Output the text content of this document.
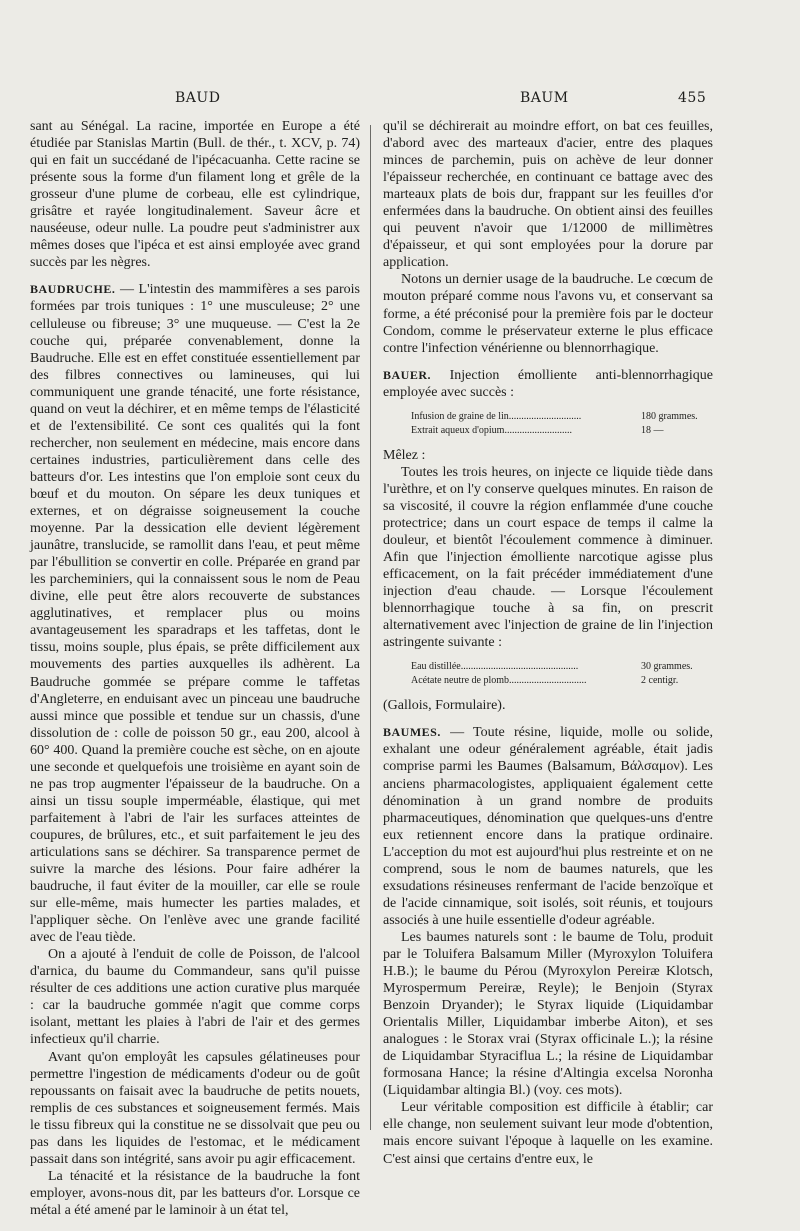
BAUD	BAUM	455

sant au Sénégal. La racine, importée en Europe a été étudiée par Stanislas Martin (Bull. de thér., t. XCV, p. 74) qui en fait un succédané de l'ipécacuanha. Cette racine se présente sous la forme d'un filament long et grêle de la grosseur d'une plume de corbeau, elle est cylindrique, grisâtre et rayée longitudinalement. Saveur âcre et nauséeuse, odeur nulle. La poudre peut s'administrer aux mêmes doses que l'ipéca et est ainsi employée avec grand succès par les nègres.

BAUDRUCHE. — L'intestin des mammifères a ses parois formées par trois tuniques : 1° une musculeuse; 2° une celluleuse ou fibreuse; 3° une muqueuse. — C'est la 2e couche qui, préparée convenablement, donne la Baudruche. Elle est en effet constituée essentiellement par des filbres connectives ou lamineuses, qui lui communiquent une grande ténacité, une forte résistance, quand on veut la déchirer, et en même temps de l'élasticité et de l'extensibilité. Ce sont ces qualités qui la font rechercher, non seulement en médecine, mais encore dans certaines industries, particulièrement dans celle des batteurs d'or. Les intestins que l'on emploie sont ceux du bœuf et du mouton. On sépare les deux tuniques et externes, et on dégraisse soigneusement la couche moyenne. Par la dessication elle devient légèrement jaunâtre, translucide, se ramollit dans l'eau, et peut même par l'ébullition se convertir en colle. Préparée en grand par les parcheminiers, qui la connaissent sous le nom de Peau divine, elle peut être alors recouverte de substances agglutinatives, et remplacer plus ou moins avantageusement les sparadraps et les taffetas, dont le tissu, moins souple, plus épais, se prête difficilement aux mouvements des parties auxquelles ils adhèrent. La Baudruche gommée se prépare comme le taffetas d'Angleterre, en enduisant avec un pinceau une baudruche aussi mince que possible et tendue sur un chassis, d'une dissolution de : colle de poisson 50 gr., eau 200, alcool à 60° 400. Quand la première couche est sèche, on en ajoute une seconde et quelquefois une troisième en ayant soin de ne pas trop augmenter l'épaisseur de la baudruche. On a ainsi un tissu souple imperméable, élastique, qui met parfaitement à l'abri de l'air les surfaces atteintes de coupures, de brûlures, etc., et suit parfaitement le jeu des articulations sans se déchirer. Sa transparence permet de suivre la marche des lésions. Pour faire adhérer la baudruche, il faut éviter de la mouiller, car elle se roule sur elle-même, mais humecter les parties malades, et l'appliquer sèche. On l'enlève avec une grande facilité avec de l'eau tiède.

On a ajouté à l'enduit de colle de Poisson, de l'alcool d'arnica, du baume du Commandeur, sans qu'il puisse résulter de ces additions une action curative plus marquée : car la baudruche gommée n'agit que comme corps isolant, mettant les plaies à l'abri de l'air et des germes infectieux qu'il charrie.

Avant qu'on employât les capsules gélatineuses pour permettre l'ingestion de médicaments d'odeur ou de goût repoussants on faisait avec la baudruche de petits nouets, remplis de ces substances et soigneusement fermés. Mais le tissu fibreux qui la constitue ne se dissolvait que peu ou pas dans les liquides de l'estomac, et le médicament passait dans son intégrité, sans avoir pu agir efficacement.

La ténacité et la résistance de la baudruche la font employer, avons-nous dit, par les batteurs d'or. Lorsque ce métal a été amené par le laminoir à un état tel,

qu'il se déchirerait au moindre effort, on bat ces feuilles, d'abord avec des marteaux d'acier, entre des plaques minces de parchemin, puis on achève de leur donner l'épaisseur recherchée, en continuant ce battage avec des marteaux plats de bois dur, frappant sur les feuilles d'or enfermées dans la baudruche. On obtient ainsi des feuilles qui peuvent n'avoir que 1/12000 de millimètres d'épaisseur, et qui sont employées pour la dorure par application.

Notons un dernier usage de la baudruche. Le cœcum de mouton préparé comme nous l'avons vu, et conservant sa forme, a été préconisé pour la première fois par le docteur Condom, comme le préservateur externe le plus efficace contre l'infection vénérienne ou blennorrhagique.

BAUER. Injection émolliente anti-blennorrhagique employée avec succès :

Infusion de graine de lin.............................	180 grammes.
Extrait aqueux d'opium...........................	18 —

Mêlez :

Toutes les trois heures, on injecte ce liquide tiède dans l'urèthre, et on l'y conserve quelques minutes. En raison de sa viscosité, il couvre la région enflammée d'une couche protectrice; dans un court espace de temps il calme la douleur, et bientôt l'écoulement commence à diminuer. Afin que l'injection émolliente narcotique agisse plus efficacement, on la fait précéder immédiatement d'une injection d'eau chaude. — Lorsque l'écoulement blennorrhagique touche à sa fin, on prescrit alternativement avec l'injection de graine de lin l'injection astringente suivante :

Eau distillée...............................................	30 grammes.
Acétate neutre de plomb...............................	2 centigr.

(Gallois, Formulaire).

BAUMES. — Toute résine, liquide, molle ou solide, exhalant une odeur généralement agréable, était jadis comprise parmi les Baumes (Balsamum, Βάλσαμον). Les anciens pharmacologistes, appliquaient également cette dénomination à un grand nombre de produits pharmaceutiques, dénomination que quelques-uns d'entre eux retiennent encore dans la pratique ordinaire. L'acception du mot est aujourd'hui plus restreinte et on ne comprend, sous le nom de baumes naturels, que les exsudations résineuses renfermant de l'acide benzoïque et de l'acide cinnamique, soit isolés, soit réunis, et toujours associés à une huile essentielle d'odeur agréable.

Les baumes naturels sont : le baume de Tolu, produit par le Toluifera Balsamum Miller (Myroxylon Toluifera H.B.); le baume du Pérou (Myroxylon Pereiræ Klotsch, Myrospermum Pereiræ, Reyle); le Benjoin (Styrax Benzoin Dryander); le Styrax liquide (Liquidambar Orientalis Miller, Liquidambar imberbe Aiton), et ses analogues : le Storax vrai (Styrax officinale L.); la résine de Liquidambar Styraciflua L.; la résine de Liquidambar formosana Hance; la résine d'Altingia excelsa Noronha (Liquidambar altingia Bl.) (voy. ces mots).

Leur véritable composition est difficile à établir; car elle change, non seulement suivant leur mode d'obtention, mais encore suivant l'époque à laquelle on les examine. C'est ainsi que certains d'entre eux, le
